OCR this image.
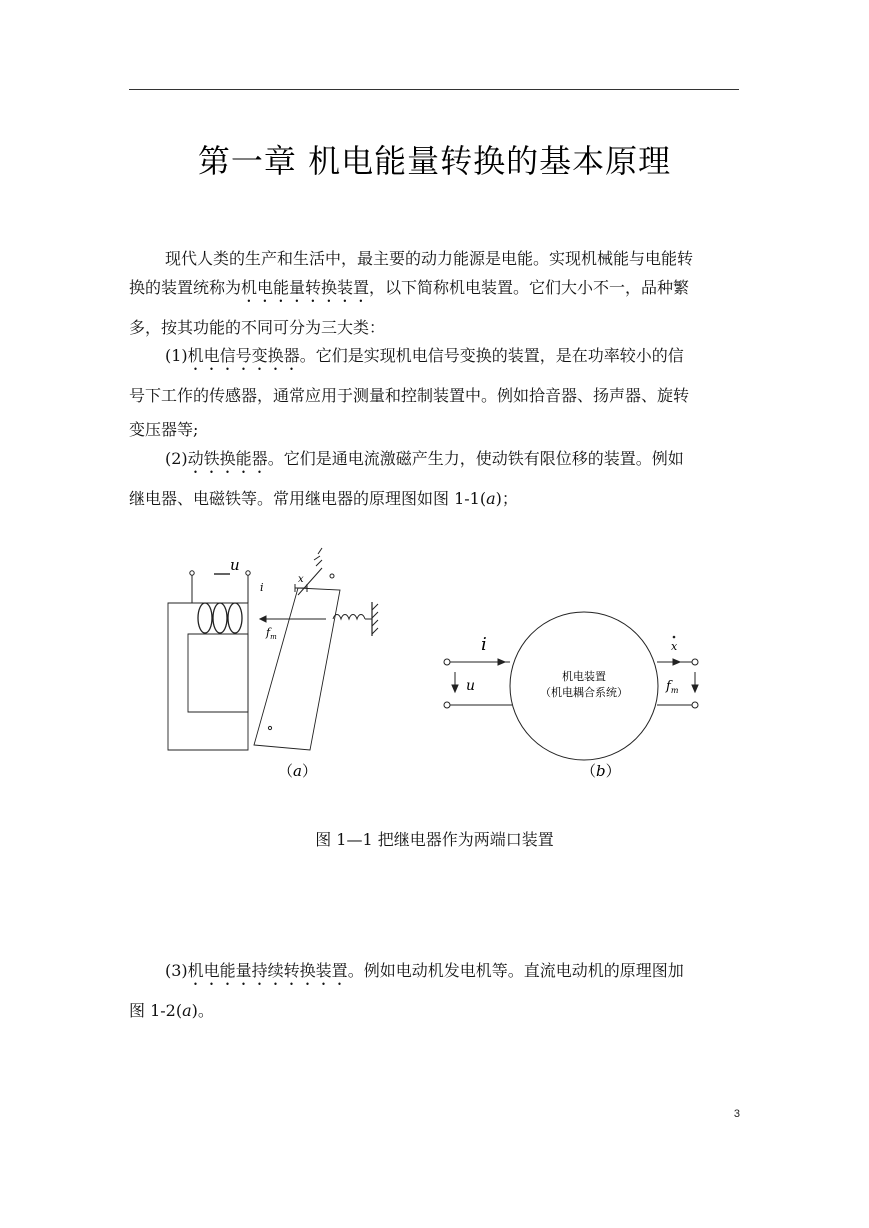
第一章 机电能量转换的基本原理
现代人类的生产和生活中，最主要的动力能源是电能。实现机械能与电能转
换的装置统称为机电能量转换装置，以下简称机电装置。它们大小不一，品种繁
多，按其功能的不同可分为三大类：
(1)机电信号变换器。它们是实现机电信号变换的装置，是在功率较小的信
号下工作的传感器，通常应用于测量和控制装置中。例如拾音器、扬声器、旋转
变压器等;
(2)动铁换能器。它们是通电流激磁产生力，使动铁有限位移的装置。例如
继电器、电磁铁等。常用继电器的原理图如图 1-1(a)；
u
i
x
$f_m$
（a）
i
u
x
$f_m$
机电装置
（机电耦合系统）
（b）
图 1—1 把继电器作为两端口装置
(3)机电能量持续转换装置。例如电动机发电机等。直流电动机的原理图加
图 1-2(a)。
3
